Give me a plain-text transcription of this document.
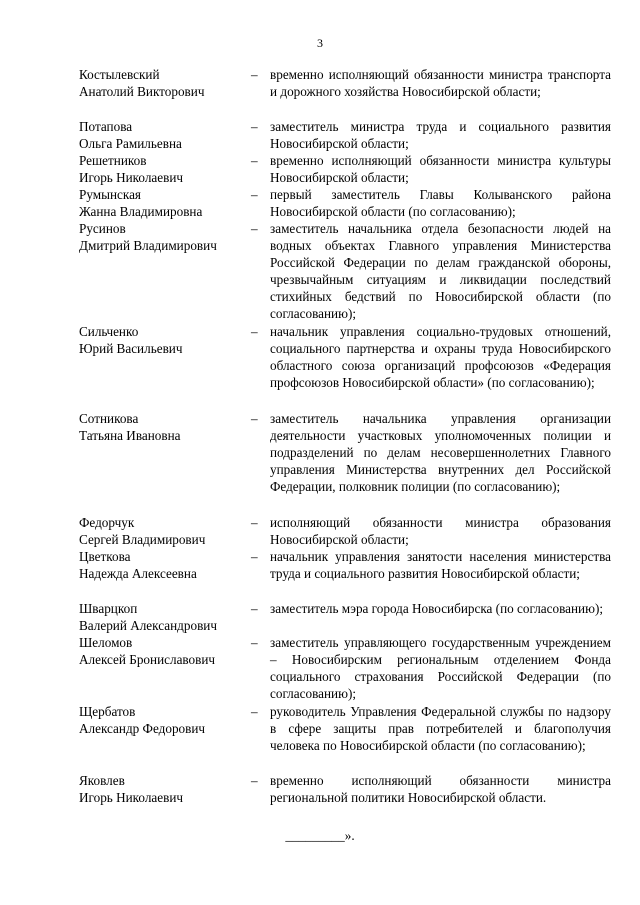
3
Костылевский
Анатолий Викторович
– временно исполняющий обязанности министра транспорта и дорожного хозяйства Новосибирской области;
Потапова
Ольга Рамильевна
– заместитель министра труда и социального развития Новосибирской области;
Решетников
Игорь Николаевич
– временно исполняющий обязанности министра культуры Новосибирской области;
Румынская
Жанна Владимировна
– первый заместитель Главы Колыванского района Новосибирской области (по согласованию);
Русинов
Дмитрий Владимирович
– заместитель начальника отдела безопасности людей на водных объектах Главного управления Министерства Российской Федерации по делам гражданской обороны, чрезвычайным ситуациям и ликвидации последствий стихийных бедствий по Новосибирской области (по согласованию);
Сильченко
Юрий Васильевич
– начальник управления социально-трудовых отношений, социального партнерства и охраны труда Новосибирского областного союза организаций профсоюзов «Федерация профсоюзов Новосибирской области» (по согласованию);
Сотникова
Татьяна Ивановна
– заместитель начальника управления организации деятельности участковых уполномоченных полиции и подразделений по делам несовершеннолетних Главного управления Министерства внутренних дел Российской Федерации, полковник полиции (по согласованию);
Федорчук
Сергей Владимирович
– исполняющий обязанности министра образования Новосибирской области;
Цветкова
Надежда Алексеевна
– начальник управления занятости населения министерства труда и социального развития Новосибирской области;
Шварцкоп
Валерий Александрович
– заместитель мэра города Новосибирска (по согласованию);
Шеломов
Алексей Брониславович
– заместитель управляющего государственным учреждением – Новосибирским региональным отделением Фонда социального страхования Российской Федерации (по согласованию);
Щербатов
Александр Федорович
– руководитель Управления Федеральной службы по надзору в сфере защиты прав потребителей и благополучия человека по Новосибирской области (по согласованию);
Яковлев
Игорь Николаевич
– временно исполняющий обязанности министра региональной политики Новосибирской области.
_________».
